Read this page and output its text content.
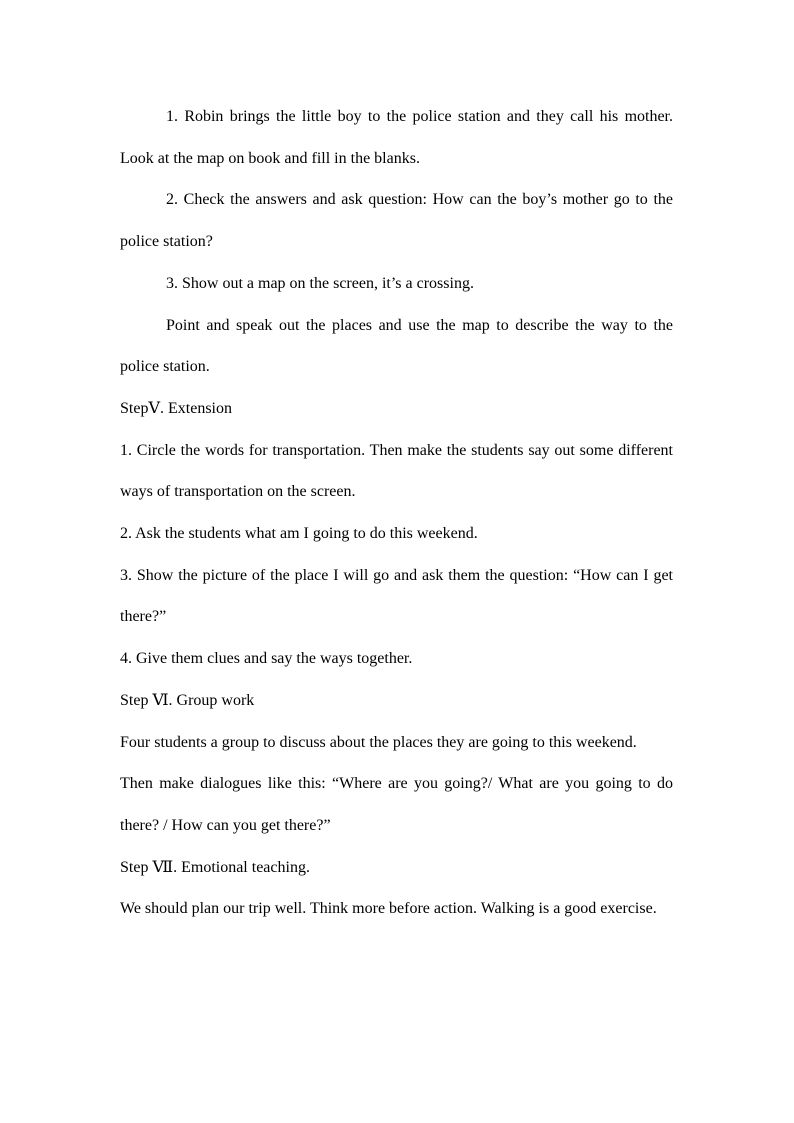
1. Robin brings the little boy to the police station and they call his mother. Look at the map on book and fill in the blanks.

2. Check the answers and ask question: How can the boy’s mother go to the police station?

3. Show out a map on the screen, it’s a crossing.

Point and speak out the places and use the map to describe the way to the police station.

StepⅤ. Extension

1. Circle the words for transportation. Then make the students say out some different ways of transportation on the screen.

2. Ask the students what am I going to do this weekend.

3. Show the picture of the place I will go and ask them the question: “How can I get there?”

4. Give them clues and say the ways together.

Step Ⅵ. Group work

Four students a group to discuss about the places they are going to this weekend.

Then make dialogues like this: “Where are you going?/ What are you going to do there? / How can you get there?”

Step Ⅶ. Emotional teaching.

We should plan our trip well. Think more before action. Walking is a good exercise.
